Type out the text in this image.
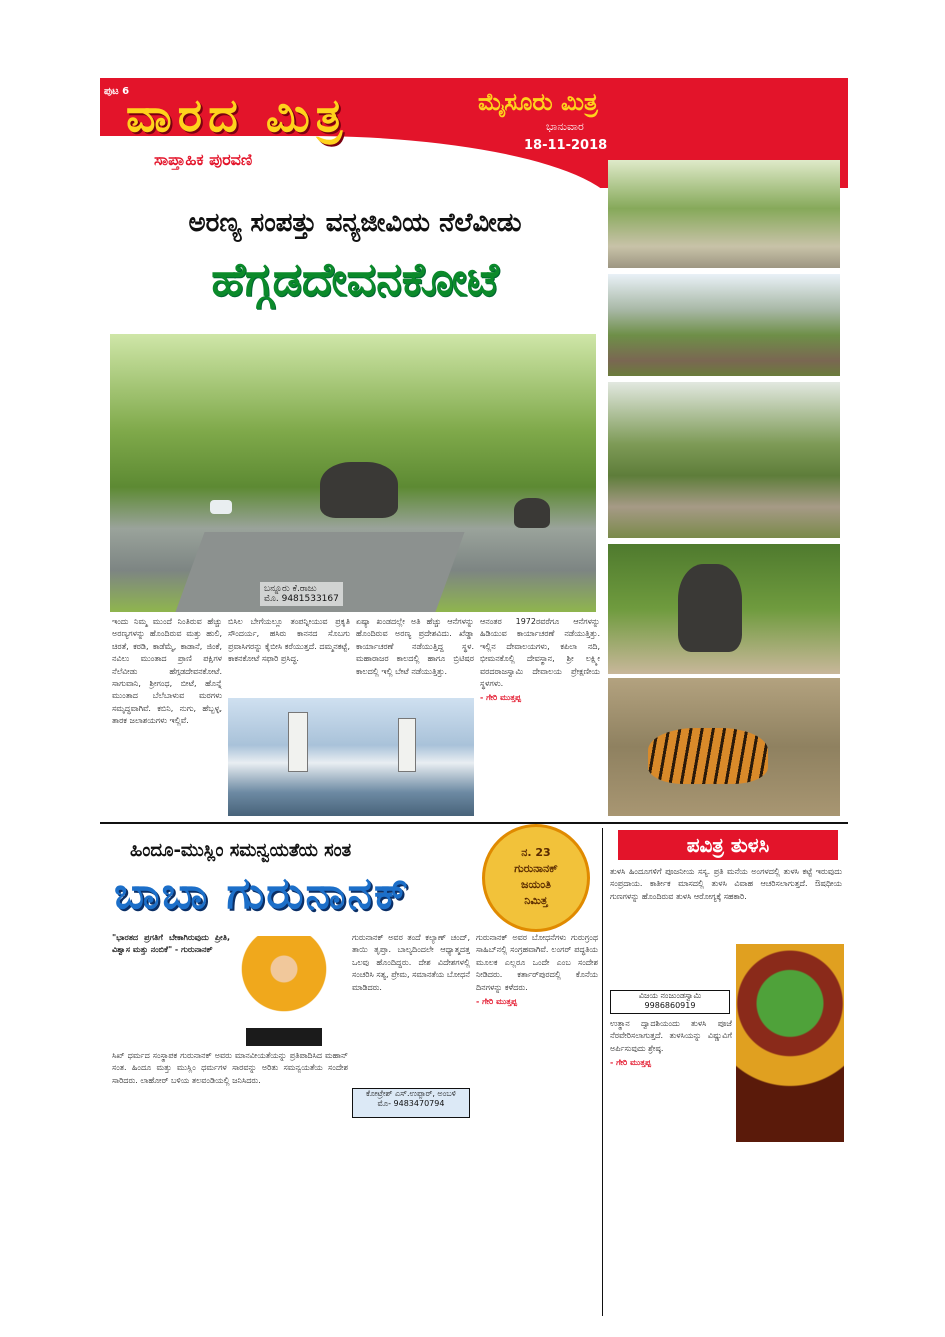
ಪುಟ 6
ವಾರದ ಮಿತ್ರ
ಸಾಪ್ತಾಹಿಕ ಪುರವಣಿ
ಮೈಸೂರು ಮಿತ್ರ
ಭಾನುವಾರ
18-11-2018
ಅರಣ್ಯ ಸಂಪತ್ತು ವನ್ಯಜೀವಿಯ ನೆಲೆವೀಡು
ಹೆಗ್ಗಡದೇವನಕೋಟೆ
ಬನ್ನೂರು ಕೆ.ರಾಜು
ಮೊ. 9481533167

ಇಂದು ನಿಮ್ಮ ಮುಂದೆ ನಿಂತಿರುವ ಹೆಚ್ಚು ಅರಣ್ಯಗಳನ್ನು ಹೊಂದಿರುವ ಮತ್ತು ಹುಲಿ, ಚಿರತೆ, ಕರಡಿ, ಕಾಡೆಮ್ಮೆ, ಕಾಡಾನೆ, ಜಿಂಕೆ, ನವಿಲು ಮುಂತಾದ ಪ್ರಾಣಿ ಪಕ್ಷಿಗಳ ನೆಲೆವೀಡು ಹೆಗ್ಗಡದೇವನಕೋಟೆ. ಸಾಗುವಾನಿ, ಶ್ರೀಗಂಧ, ಬೀಟೆ, ಹೊನ್ನೆ ಮುಂತಾದ ಬೆಲೆಬಾಳುವ ಮರಗಳು ಸಮೃದ್ಧವಾಗಿವೆ. ಕಬಿನಿ, ನುಗು, ಹೆಬ್ಬಳ್ಳ, ತಾರಕ ಜಲಾಶಯಗಳು ಇಲ್ಲಿವೆ.

ಬಿಸಿಲ ಬೇಗೆಯಲ್ಲೂ ತಂಪನ್ನೀಯುವ ಪ್ರಕೃತಿ ಸೌಂದರ್ಯ, ಹಸಿರು ಕಾನನದ ಸೊಬಗು ಪ್ರವಾಸಿಗರನ್ನು ಕೈಬೀಸಿ ಕರೆಯುತ್ತದೆ. ದಮ್ಮನಕಟ್ಟೆ, ಕಾಕನಕೋಟೆ ಸಫಾರಿ ಪ್ರಸಿದ್ಧ.

ಏಷ್ಯಾ ಖಂಡದಲ್ಲೇ ಅತಿ ಹೆಚ್ಚು ಆನೆಗಳನ್ನು ಹೊಂದಿರುವ ಅರಣ್ಯ ಪ್ರದೇಶವಿದು. ಖೆಡ್ಡಾ ಕಾರ್ಯಾಚರಣೆ ನಡೆಯುತ್ತಿದ್ದ ಸ್ಥಳ. ಮಹಾರಾಜರ ಕಾಲದಲ್ಲಿ ಹಾಗೂ ಬ್ರಿಟಿಷರ ಕಾಲದಲ್ಲಿ ಇಲ್ಲಿ ಬೇಟೆ ನಡೆಯುತ್ತಿತ್ತು.

ಆನಂತರ 1972ರವರೆಗೂ ಆನೆಗಳನ್ನು ಹಿಡಿಯುವ ಕಾರ್ಯಾಚರಣೆ ನಡೆಯುತ್ತಿತ್ತು. ಇಲ್ಲಿನ ದೇವಾಲಯಗಳು, ಕಪಿಲಾ ನದಿ, ಭೀಮನಕೊಲ್ಲಿ ದೇವಸ್ಥಾನ, ಶ್ರೀ ಲಕ್ಷ್ಮೀ ವರದರಾಜಸ್ವಾಮಿ ದೇವಾಲಯ ಪ್ರೇಕ್ಷಣೀಯ ಸ್ಥಳಗಳು.

- ಗೇರಿ ಮುತ್ತಪ್ಪ

ಹಿಂದೂ-ಮುಸ್ಲಿಂ ಸಮನ್ವಯತೆಯ ಸಂತ
ಬಾಬಾ ಗುರುನಾನಕ್
ನ. 23
ಗುರುನಾನಕ್
ಜಯಂತಿ
ನಿಮಿತ್ತ

"ಭಾರತದ ಪ್ರಗತಿಗೆ ಬೇಕಾಗಿರುವುದು ಪ್ರೀತಿ, ವಿಶ್ವಾಸ ಮತ್ತು ನಂಬಿಕೆ" - ಗುರುನಾನಕ್

ಸಿಖ್ ಧರ್ಮದ ಸಂಸ್ಥಾಪಕ ಗುರುನಾನಕ್ ಅವರು ಮಾನವೀಯತೆಯನ್ನು ಪ್ರತಿಪಾದಿಸಿದ ಮಹಾನ್ ಸಂತ. ಹಿಂದೂ ಮತ್ತು ಮುಸ್ಲಿಂ ಧರ್ಮಗಳ ಸಾರವನ್ನು ಅರಿತು ಸಮನ್ವಯತೆಯ ಸಂದೇಶ ಸಾರಿದರು. ಲಾಹೋರ್ ಬಳಿಯ ತಲವಂಡಿಯಲ್ಲಿ ಜನಿಸಿದರು.

ಗುರುನಾನಕ್ ಅವರ ತಂದೆ ಕಲ್ಯಾಣ್ ಚಂದ್, ತಾಯಿ ತೃಪ್ತಾ. ಬಾಲ್ಯದಿಂದಲೇ ಆಧ್ಯಾತ್ಮದತ್ತ ಒಲವು ಹೊಂದಿದ್ದರು. ದೇಶ ವಿದೇಶಗಳಲ್ಲಿ ಸಂಚರಿಸಿ ಸತ್ಯ, ಪ್ರೇಮ, ಸಮಾನತೆಯ ಬೋಧನೆ ಮಾಡಿದರು.

ಕೋಟ್ರೇಶ್ ಎಸ್.ಉಪ್ಪಾರ್, ಅಂಬಳಿ
ಮೊ- 9483470794

ಗುರುನಾನಕ್ ಅವರ ಬೋಧನೆಗಳು ಗುರುಗ್ರಂಥ ಸಾಹಿಬ್‌ನಲ್ಲಿ ಸಂಗ್ರಹವಾಗಿವೆ. ಲಂಗರ್ ಪದ್ಧತಿಯ ಮೂಲಕ ಎಲ್ಲರೂ ಒಂದೇ ಎಂಬ ಸಂದೇಶ ನೀಡಿದರು. ಕರ್ತಾರ್‌ಪುರದಲ್ಲಿ ಕೊನೆಯ ದಿನಗಳನ್ನು ಕಳೆದರು.

- ಗೇರಿ ಮುತ್ತಪ್ಪ

ಪವಿತ್ರ ತುಳಸಿ

ತುಳಸಿ ಹಿಂದೂಗಳಿಗೆ ಪೂಜನೀಯ ಸಸ್ಯ. ಪ್ರತಿ ಮನೆಯ ಅಂಗಳದಲ್ಲಿ ತುಳಸಿ ಕಟ್ಟೆ ಇರುವುದು ಸಂಪ್ರದಾಯ. ಕಾರ್ತೀಕ ಮಾಸದಲ್ಲಿ ತುಳಸಿ ವಿವಾಹ ಆಚರಿಸಲಾಗುತ್ತದೆ. ಔಷಧೀಯ ಗುಣಗಳನ್ನು ಹೊಂದಿರುವ ತುಳಸಿ ಆರೋಗ್ಯಕ್ಕೆ ಸಹಕಾರಿ.

ವಿಜಯ ನಂಜುಂಡಸ್ವಾಮಿ
9986860919

ಉತ್ಥಾನ ದ್ವಾದಶಿಯಂದು ತುಳಸಿ ಪೂಜೆ ನೆರವೇರಿಸಲಾಗುತ್ತದೆ. ತುಳಸಿಯನ್ನು ವಿಷ್ಣುವಿಗೆ ಅರ್ಪಿಸುವುದು ಶ್ರೇಷ್ಠ.

- ಗೇರಿ ಮುತ್ತಪ್ಪ
